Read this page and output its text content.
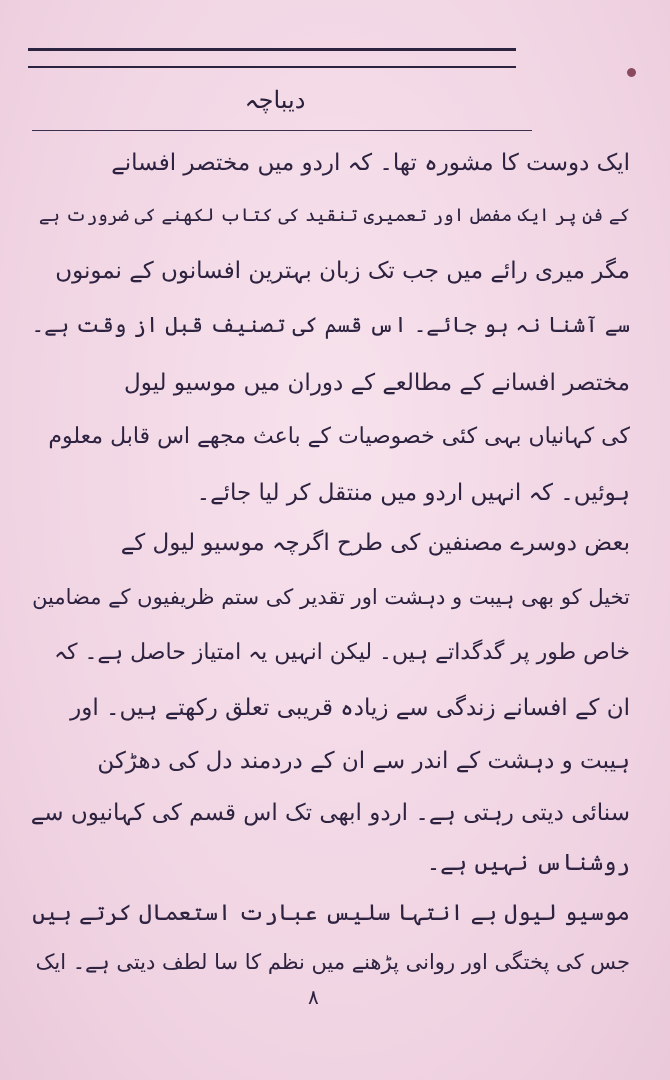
دیباچہ
ایک دوست کا مشورہ تھا۔ کہ اردو میں مختصر افسانے
کے فن پر ایک مفصل اور تعمیری تنقید کی کتاب لکھنے کی ضرورت ہے
مگر میری رائے میں جب تک زبان بہترین افسانوں کے نمونوں
سے آشنا نہ ہو جائے۔ اس قسم کی تصنیف قبل از وقت ہے۔
مختصر افسانے کے مطالعے کے دوران میں موسیو لیول
کی کہانیاں بہی کئی خصوصیات کے باعث مجھے اس قابل معلوم
ہوئیں۔ کہ انہیں اردو میں منتقل کر لیا جائے۔
بعض دوسرے مصنفین کی طرح اگرچہ موسیو لیول کے
تخیل کو بھی ہیبت و دہشت اور تقدیر کی ستم ظریفیوں کے مضامین
خاص طور پر گدگداتے ہیں۔ لیکن انہیں یہ امتیاز حاصل ہے۔ کہ
ان کے افسانے زندگی سے زیادہ قریبی تعلق رکھتے ہیں۔ اور
ہیبت و دہشت کے اندر سے ان کے دردمند دل کی دھڑکن
سنائی دیتی رہتی ہے۔ اردو ابھی تک اس قسم کی کہانیوں سے
روشناس نہیں ہے۔
موسیو لیول بے انتہا سلیس عبارت استعمال کرتے ہیں
جس کی پختگی اور روانی پڑھنے میں نظم کا سا لطف دیتی ہے۔ ایک
۸
